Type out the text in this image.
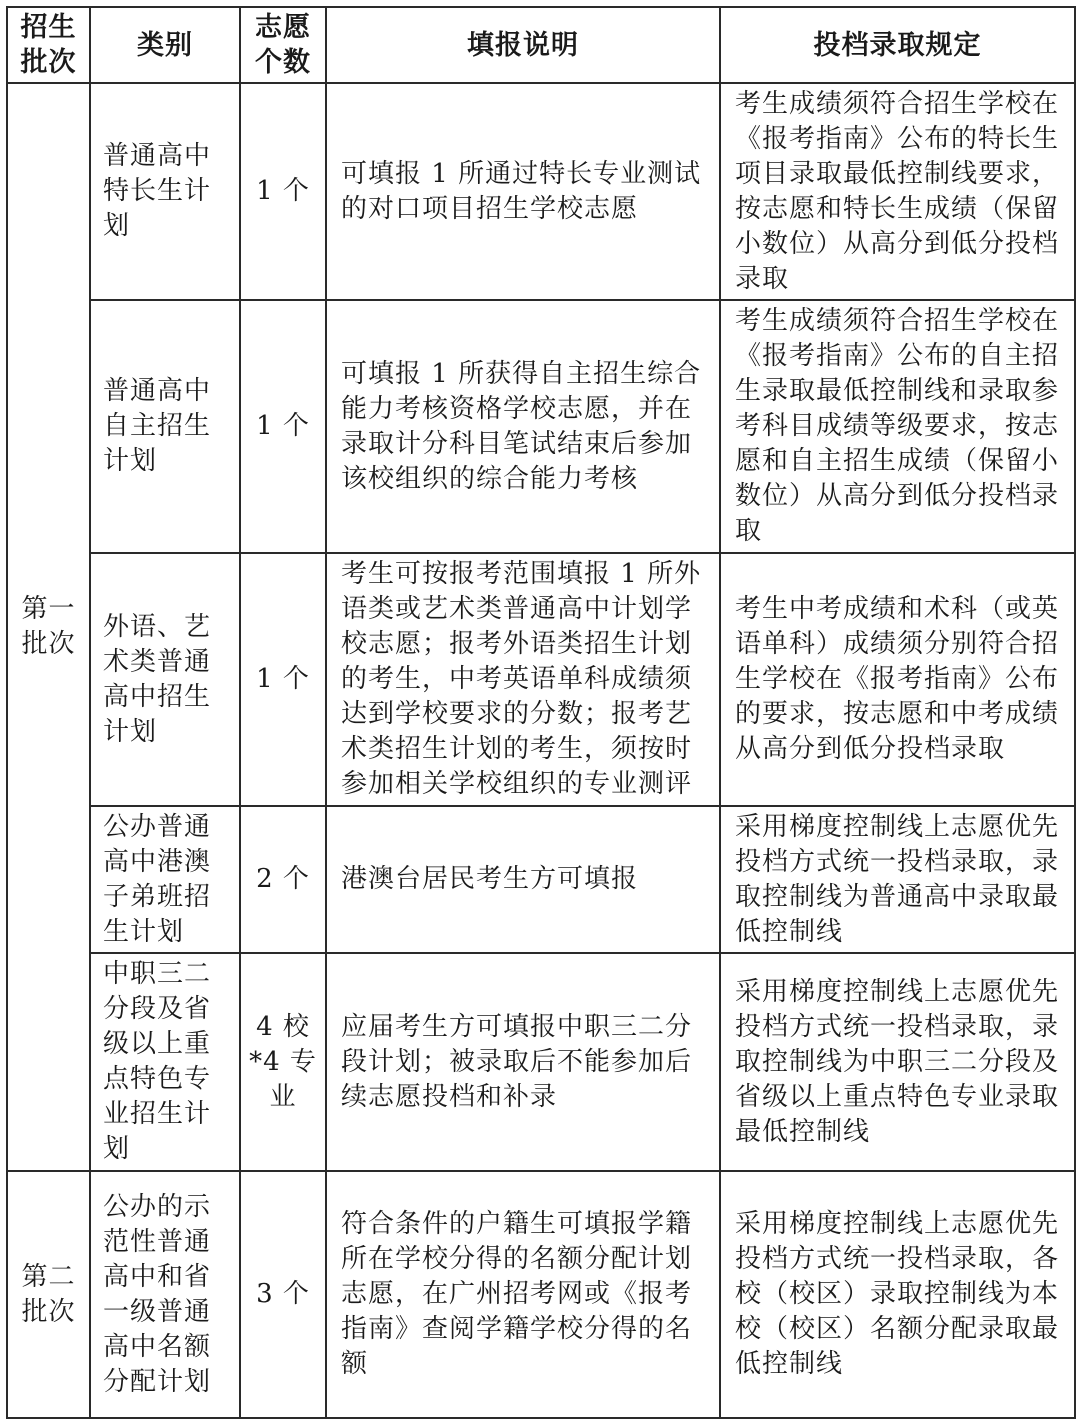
招生批次	类别	志愿个数	填报说明	投档录取规定
第一批次	普通高中特长生计划	1 个	可填报 1 所通过特长专业测试的对口项目招生学校志愿	考生成绩须符合招生学校在《报考指南》公布的特长生项目录取最低控制线要求，按志愿和特长生成绩（保留小数位）从高分到低分投档录取
	普通高中自主招生计划	1 个	可填报 1 所获得自主招生综合能力考核资格学校志愿，并在录取计分科目笔试结束后参加该校组织的综合能力考核	考生成绩须符合招生学校在《报考指南》公布的自主招生录取最低控制线和录取参考科目成绩等级要求，按志愿和自主招生成绩（保留小数位）从高分到低分投档录取
	外语、艺术类普通高中招生计划	1 个	考生可按报考范围填报 1 所外语类或艺术类普通高中计划学校志愿；报考外语类招生计划的考生，中考英语单科成绩须达到学校要求的分数；报考艺术类招生计划的考生，须按时参加相关学校组织的专业测评	考生中考成绩和术科（或英语单科）成绩须分别符合招生学校在《报考指南》公布的要求，按志愿和中考成绩从高分到低分投档录取
	公办普通高中港澳子弟班招生计划	2 个	港澳台居民考生方可填报	采用梯度控制线上志愿优先投档方式统一投档录取，录取控制线为普通高中录取最低控制线
	中职三二分段及省级以上重点特色专业招生计划	4 校 *4 专业	应届考生方可填报中职三二分段计划；被录取后不能参加后续志愿投档和补录	采用梯度控制线上志愿优先投档方式统一投档录取，录取控制线为中职三二分段及省级以上重点特色专业录取最低控制线
第二批次	公办的示范性普通高中和省一级普通高中名额分配计划	3 个	符合条件的户籍生可填报学籍所在学校分得的名额分配计划志愿，在广州招考网或《报考指南》查阅学籍学校分得的名额	采用梯度控制线上志愿优先投档方式统一投档录取，各校（校区）录取控制线为本校（校区）名额分配录取最低控制线
